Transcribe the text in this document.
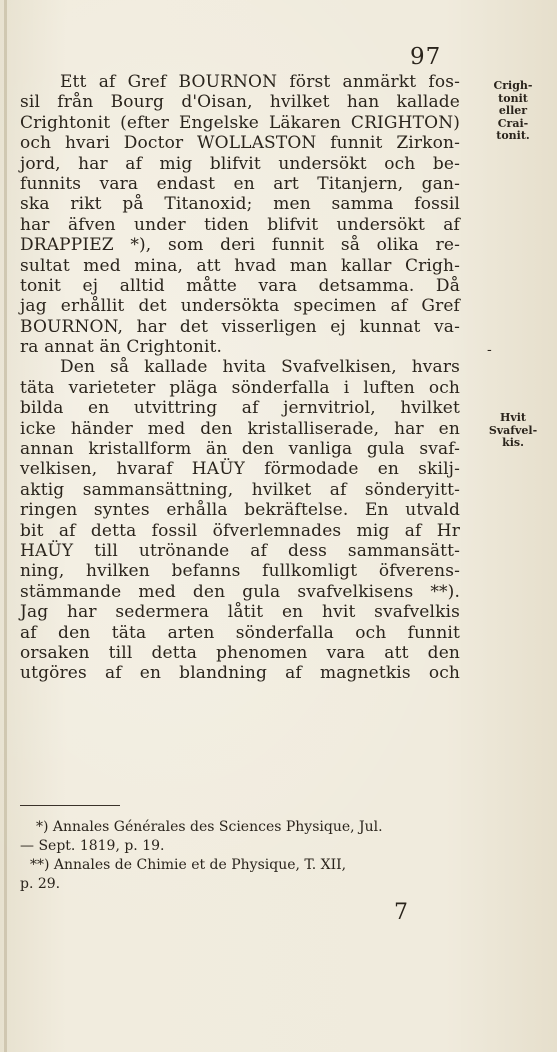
97
Ett af Gref BOURNON först anmärkt fos-
sil från Bourg d'Oisan, hvilket han kallade
Crightonit (efter Engelske Läkaren CRIGHTON)
och hvari Doctor WOLLASTON funnit Zirkon-
jord, har af mig blifvit undersökt och be-
funnits vara endast en art Titanjern, gan-
ska rikt på Titanoxid; men samma fossil
har äfven under tiden blifvit undersökt af
DRAPPIEZ *), som deri funnit så olika re-
sultat med mina, att hvad man kallar Crigh-
tonit ej alltid måtte vara detsamma. Då
jag erhållit det undersökta specimen af Gref
BOURNON, har det visserligen ej kunnat va-
ra annat än Crightonit.
Den så kallade hvita Svafvelkisen, hvars
täta varieteter pläga sönderfalla i luften och
bilda en utvittring af jernvitriol, hvilket
icke händer med den kristalliserade, har en
annan kristallform än den vanliga gula svaf-
velkisen, hvaraf HAÜY förmodade en skilj-
aktig sammansättning, hvilket af sönderyitt-
ringen syntes erhålla bekräftelse. En utvald
bit af detta fossil öfverlemnades mig af Hr
HAÜY till utrönande af dess sammansätt-
ning, hvilken befanns fullkomligt öfverens-
stämmande med den gula svafvelkisens **).
Jag har sedermera låtit en hvit svafvelkis
af den täta arten sönderfalla och funnit
orsaken till detta phenomen vara att den
utgöres af en blandning af magnetkis och
Crigh-
tonit
eller
Crai-
tonit.
-
Hvit
Svafvel-
kis.
*) Annales Générales des Sciences Physique, Jul.
— Sept. 1819, p. 19.
**) Annales de Chimie et de Physique, T. XII,
p. 29.
7
